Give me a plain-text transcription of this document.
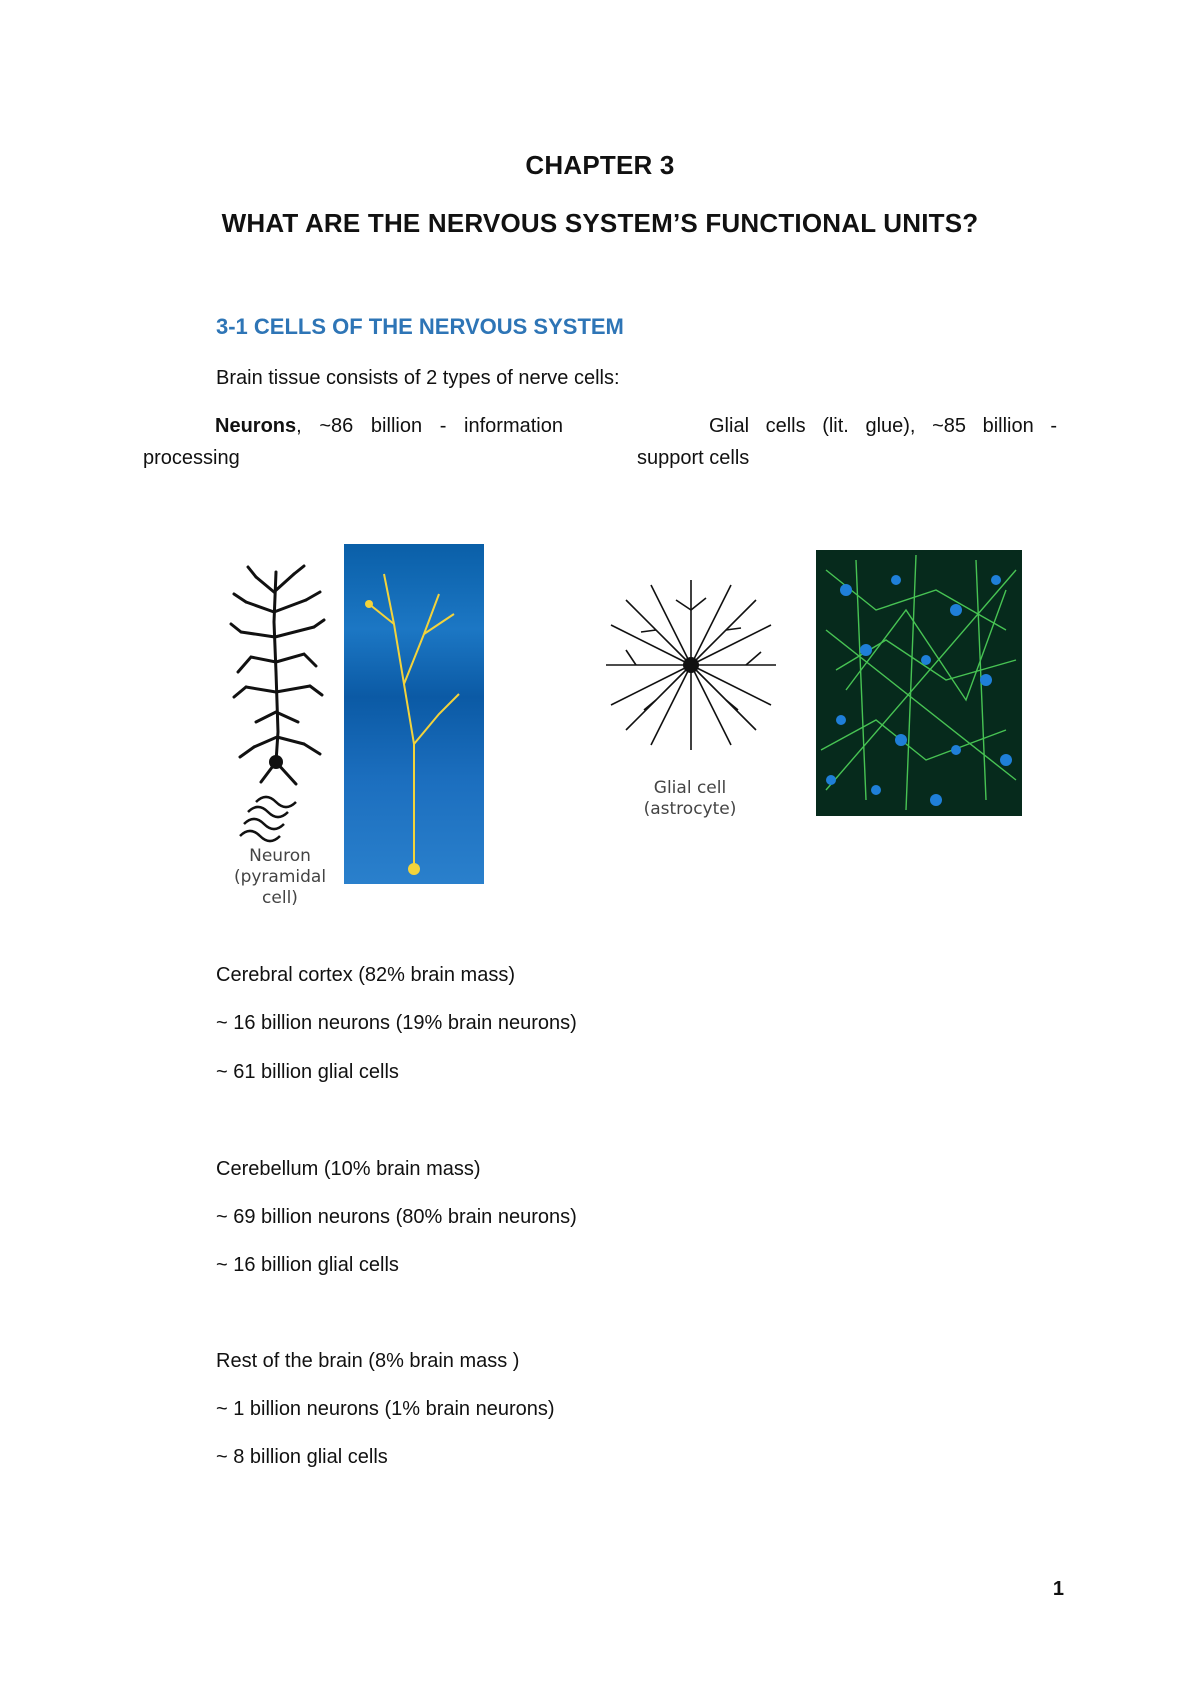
CHAPTER 3
WHAT ARE THE NERVOUS SYSTEM’S FUNCTIONAL UNITS?
3-1 CELLS OF THE NERVOUS SYSTEM
Brain tissue consists of 2 types of nerve cells:
Neurons, ~86 billion - information
processing
Glial cells (lit. glue), ~85 billion -
support cells
Neuron
(pyramidal cell)
Glial cell
(astrocyte)
Cerebral cortex (82% brain mass)
~ 16 billion neurons (19% brain neurons)
~ 61 billion glial cells
Cerebellum (10% brain mass)
~ 69 billion neurons (80% brain neurons)
~ 16 billion glial cells
Rest of the brain (8% brain mass )
~ 1 billion neurons (1% brain neurons)
~ 8 billion glial cells
1
